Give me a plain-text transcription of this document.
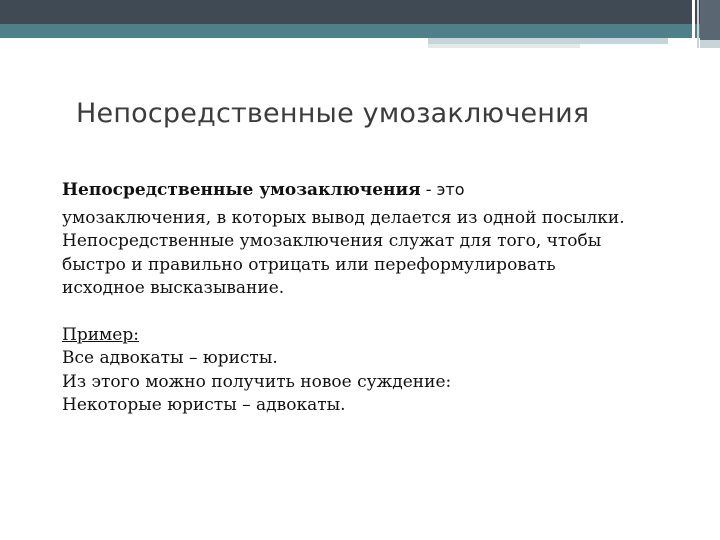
Непосредственные умозаключения

Непосредственные умозаключения - это
умозаключения, в которых вывод делается из одной посылки.
Непосредственные умозаключения служат для того, чтобы
быстро и правильно отрицать или переформулировать
исходное высказывание.

Пример:
Все адвокаты – юристы.
Из этого можно получить новое суждение:
Некоторые юристы – адвокаты.
